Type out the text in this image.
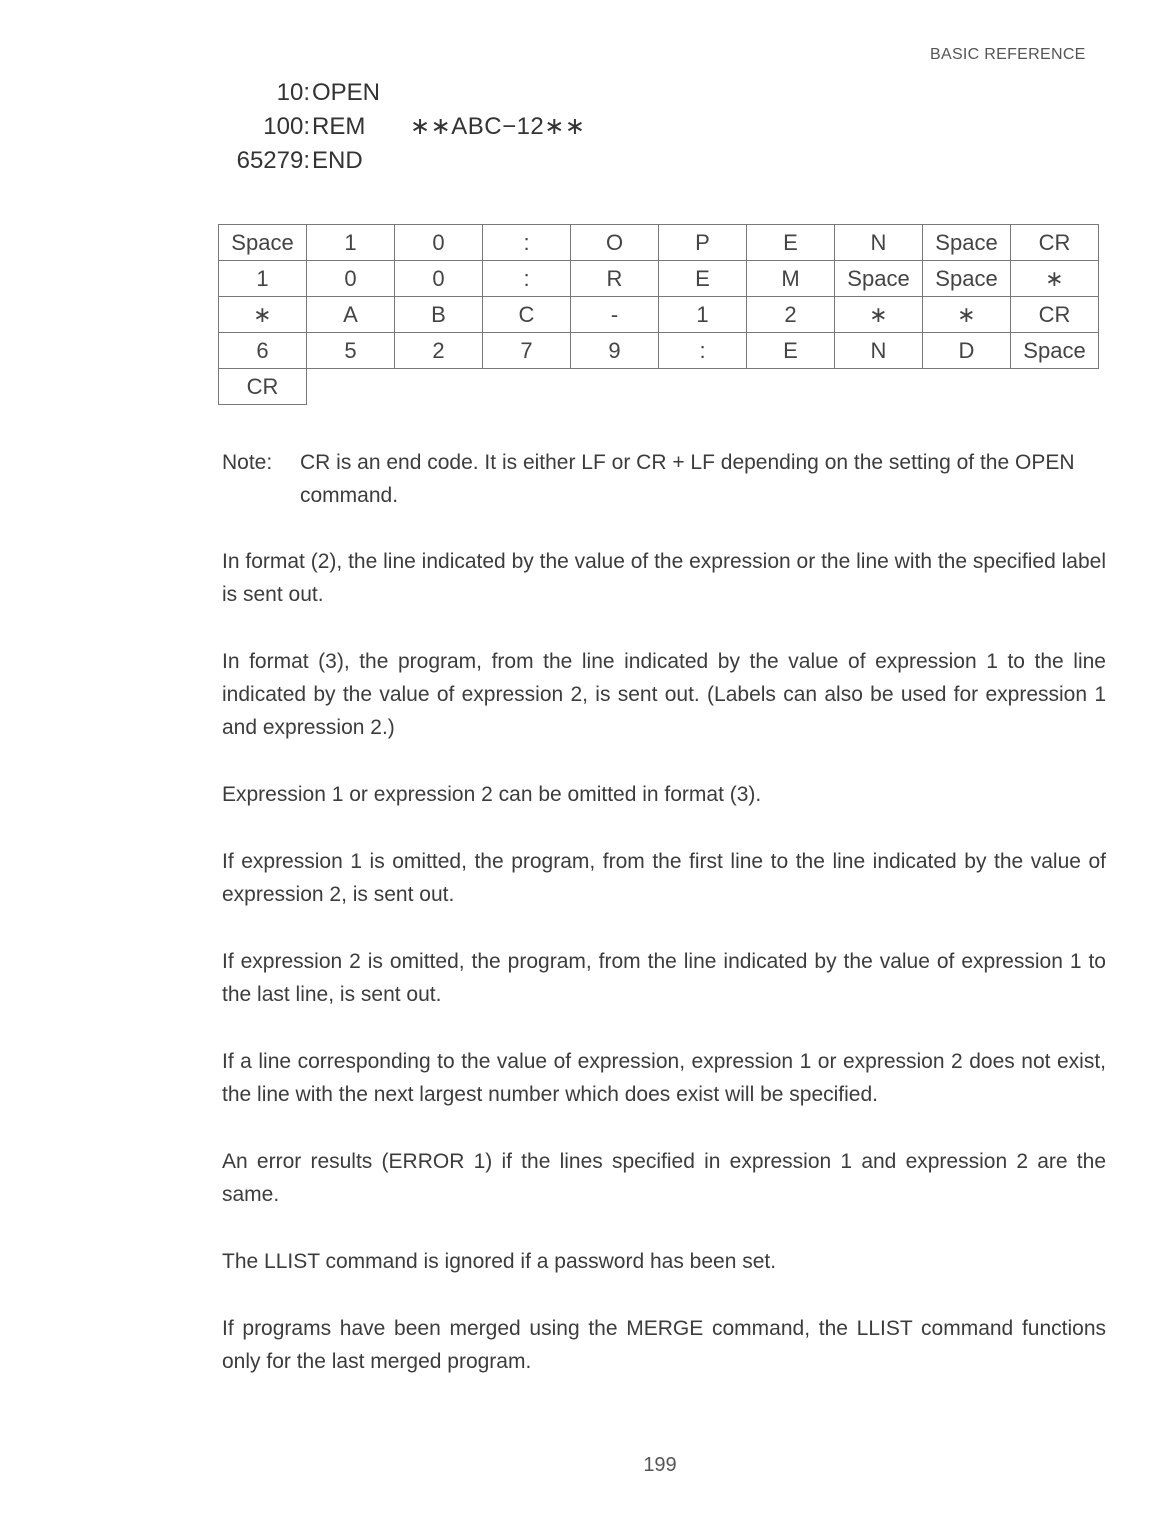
BASIC REFERENCE
10: OPEN
100: REM	∗∗ABC−12∗∗
65279: END
Space	1	0	:	O	P	E	N	Space	CR
1	0	0	:	R	E	M	Space	Space	∗
∗	A	B	C	-	1	2	∗	∗	CR
6	5	2	7	9	:	E	N	D	Space
CR									
Note:	CR is an end code. It is either LF or CR + LF depending on the setting of the OPEN command.

In format (2), the line indicated by the value of the expression or the line with the specified label is sent out.

In format (3), the program, from the line indicated by the value of expression 1 to the line indicated by the value of expression 2, is sent out. (Labels can also be used for expression 1 and expression 2.)

Expression 1 or expression 2 can be omitted in format (3).

If expression 1 is omitted, the program, from the first line to the line indicated by the value of expression 2, is sent out.

If expression 2 is omitted, the program, from the line indicated by the value of expression 1 to the last line, is sent out.

If a line corresponding to the value of expression, expression 1 or expression 2 does not exist, the line with the next largest number which does exist will be specified.

An error results (ERROR 1) if the lines specified in expression 1 and expression 2 are the same.

The LLIST command is ignored if a password has been set.

If programs have been merged using the MERGE command, the LLIST command functions only for the last merged program.

199
